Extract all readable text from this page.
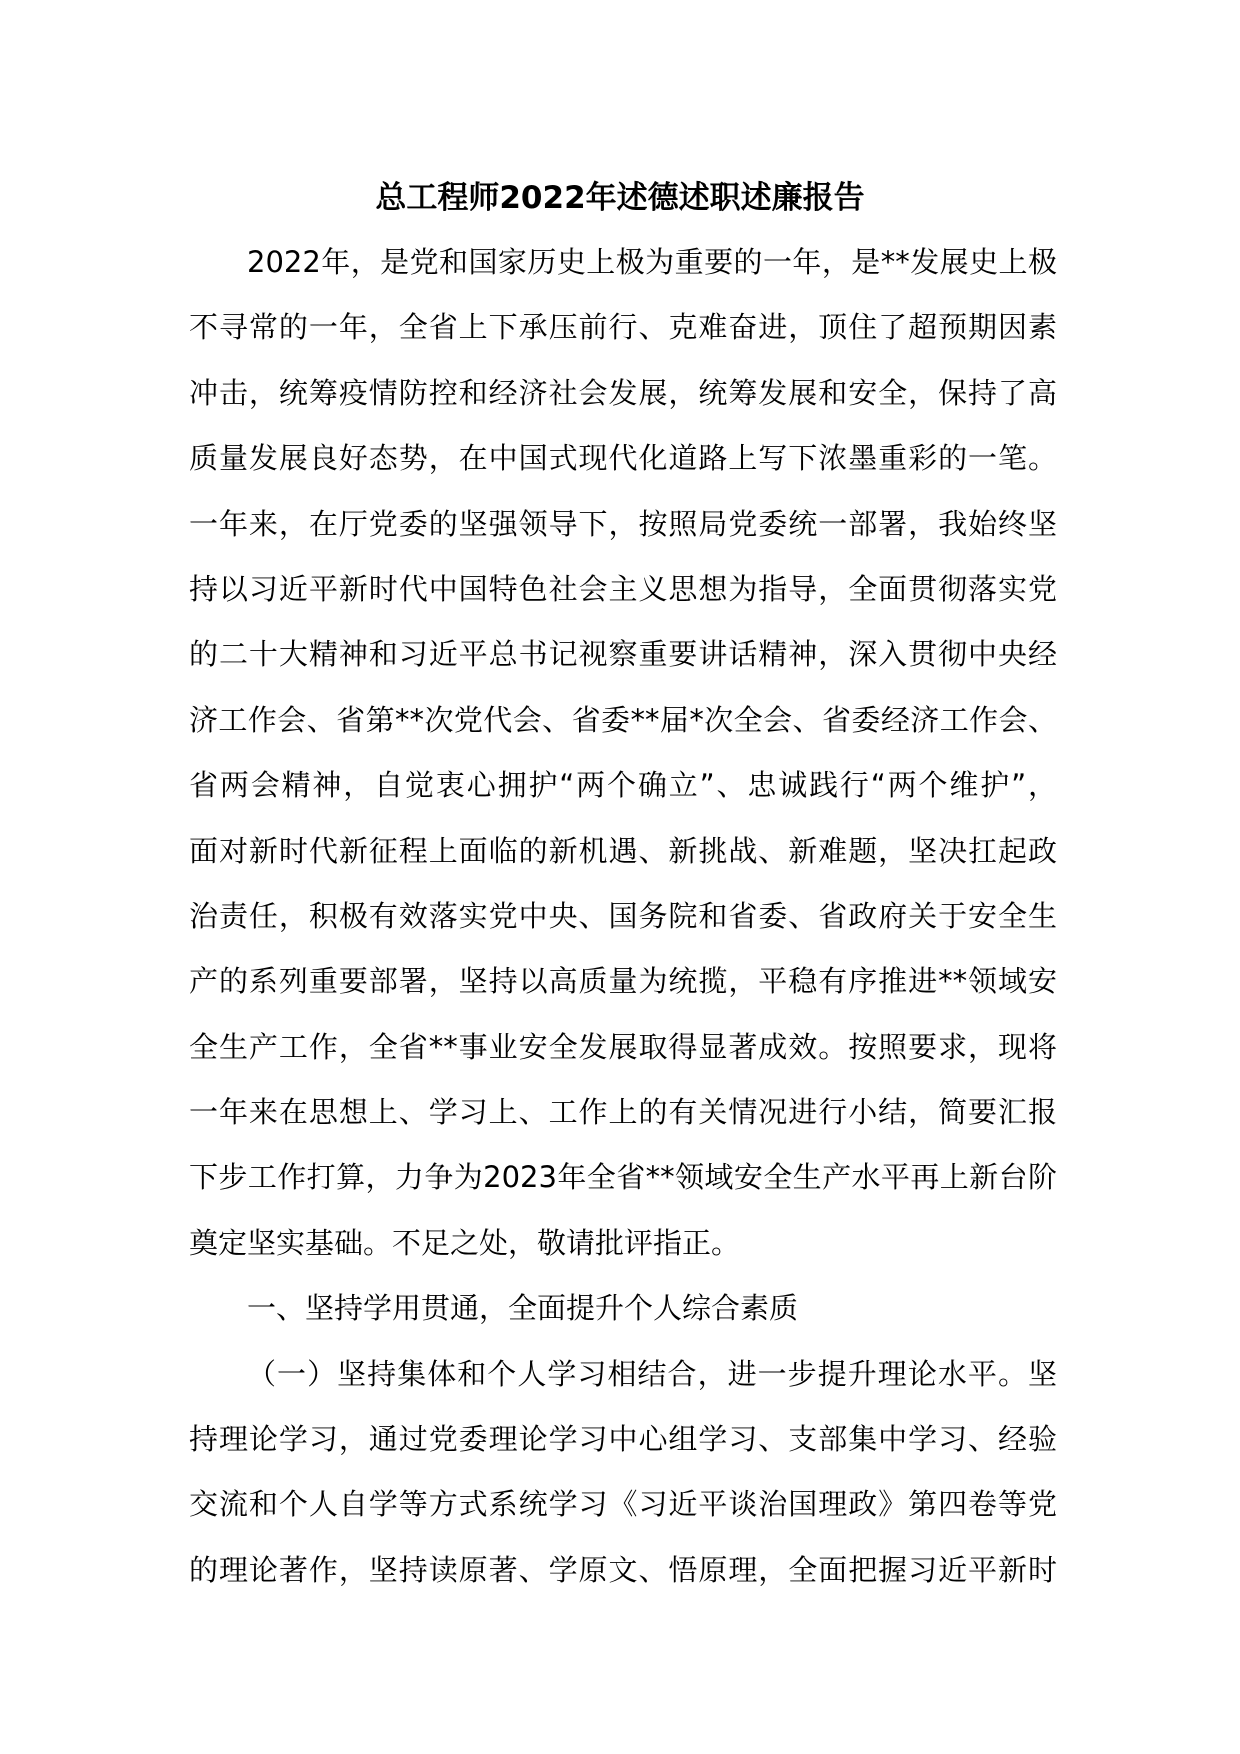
总工程师2022年述德述职述廉报告
2022年，是党和国家历史上极为重要的一年，是**发展史上极
不寻常的一年，全省上下承压前行、克难奋进，顶住了超预期因素
冲击，统筹疫情防控和经济社会发展，统筹发展和安全，保持了高
质量发展良好态势，在中国式现代化道路上写下浓墨重彩的一笔。
一年来，在厅党委的坚强领导下，按照局党委统一部署，我始终坚
持以习近平新时代中国特色社会主义思想为指导，全面贯彻落实党
的二十大精神和习近平总书记视察重要讲话精神，深入贯彻中央经
济工作会、省第**次党代会、省委**届*次全会、省委经济工作会、
省两会精神，自觉衷心拥护“两个确立”、忠诚践行“两个维护”，
面对新时代新征程上面临的新机遇、新挑战、新难题，坚决扛起政
治责任，积极有效落实党中央、国务院和省委、省政府关于安全生
产的系列重要部署，坚持以高质量为统揽，平稳有序推进**领域安
全生产工作，全省**事业安全发展取得显著成效。按照要求，现将
一年来在思想上、学习上、工作上的有关情况进行小结，简要汇报
下步工作打算，力争为2023年全省**领域安全生产水平再上新台阶
奠定坚实基础。不足之处，敬请批评指正。
一、坚持学用贯通，全面提升个人综合素质
（一）坚持集体和个人学习相结合，进一步提升理论水平。坚
持理论学习，通过党委理论学习中心组学习、支部集中学习、经验
交流和个人自学等方式系统学习《习近平谈治国理政》第四卷等党
的理论著作，坚持读原著、学原文、悟原理，全面把握习近平新时
